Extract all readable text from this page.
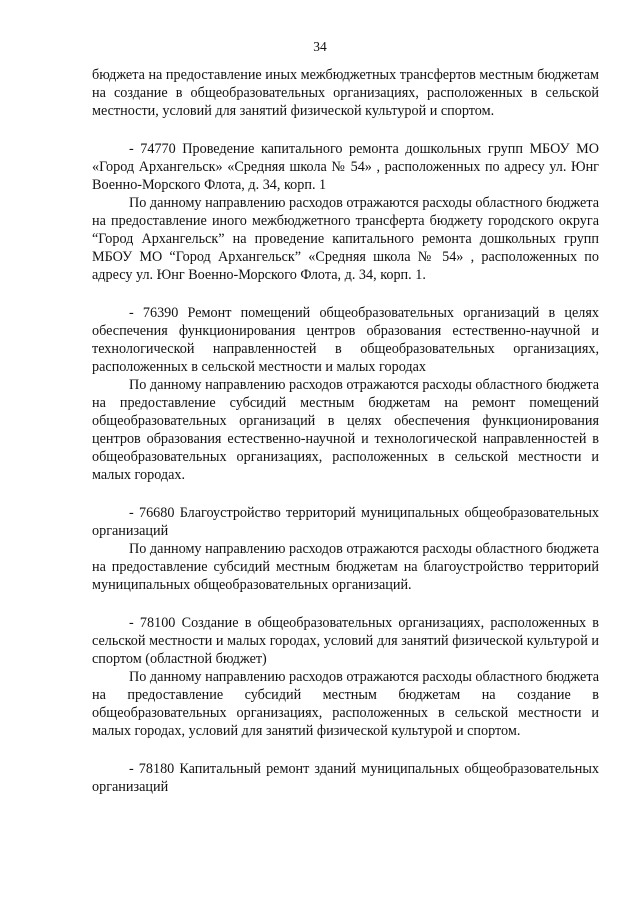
34

бюджета на предоставление иных межбюджетных трансфертов местным бюджетам на создание в общеобразовательных организациях, расположенных в сельской местности, условий для занятий физической культурой и спортом.

- 74770 Проведение капитального ремонта дошкольных групп МБОУ МО «Город Архангельск» «Средняя школа № 54» , расположенных по адресу ул. Юнг Военно-Морского Флота, д. 34, корп. 1

По данному направлению расходов отражаются расходы областного бюджета на предоставление иного межбюджетного трансферта бюджету городского округа “Город Архангельск” на проведение капитального ремонта дошкольных групп МБОУ МО “Город Архангельск” «Средняя школа № 54» , расположенных по адресу ул. Юнг Военно-Морского Флота, д. 34, корп. 1.

- 76390 Ремонт помещений общеобразовательных организаций в целях обеспечения функционирования центров образования естественно-научной и технологической направленностей в общеобразовательных организациях, расположенных в сельской местности и малых городах

По данному направлению расходов отражаются расходы областного бюджета на предоставление субсидий местным бюджетам на ремонт помещений общеобразовательных организаций в целях обеспечения функционирования центров образования естественно-научной и технологической направленностей в общеобразовательных организациях, расположенных в сельской местности и малых городах.

- 76680 Благоустройство территорий муниципальных общеобразовательных организаций

По данному направлению расходов отражаются расходы областного бюджета на предоставление субсидий местным бюджетам на благоустройство территорий муниципальных общеобразовательных организаций.

- 78100 Создание в общеобразовательных организациях, расположенных в сельской местности и малых городах, условий для занятий физической культурой и спортом (областной бюджет)

По данному направлению расходов отражаются расходы областного бюджета на предоставление субсидий местным бюджетам на создание в общеобразовательных организациях, расположенных в сельской местности и малых городах, условий для занятий физической культурой и спортом.

- 78180 Капитальный ремонт зданий муниципальных общеобразовательных организаций
